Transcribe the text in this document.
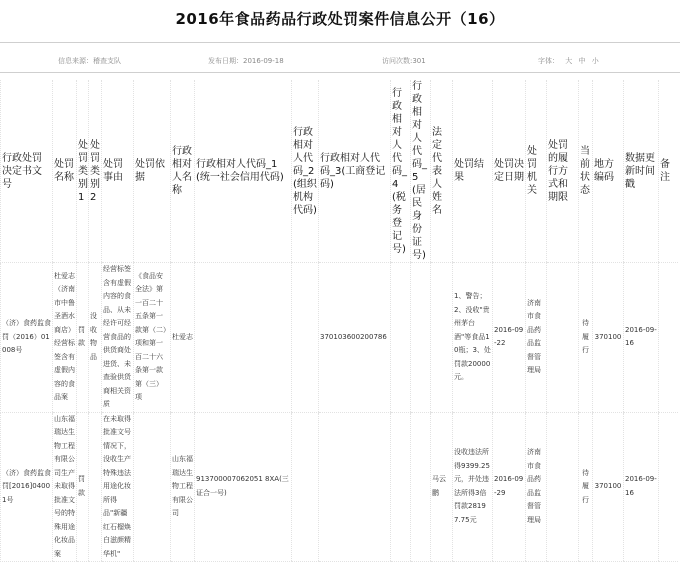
2016年食品药品行政处罚案件信息公开（16）
信息来源：稽查支队	发布日期：2016-09-18	访问次数:301	字体： 大 中 小
行政处罚决定书文号	处罚名称	处罚类别1	处罚类别2	处罚事由	处罚依据	行政相对人名称	行政相对人代码_1(统一社会信用代码)	行政相对人代码_2(组织机构代码)	行政相对人代码_3(工商登记码)	行政相对人代码_4(税务登记号)	行政相对人代码_5(居民身份证号)	法定代表人姓名	处罚结果	处罚决定日期	处罚机关	处罚的履行方式和期限	当前状态	地方编码	数据更新时间戳	备注
（济）食药监食罚（2016）01008号	杜爱志（济南市中鲁圣酒水商店）经营标签含有虚假内容的食品案	罚款	没收物品	经营标签含有虚假内容的食品、从未经许可经营食品的供货商处进货、未查验供货商相关资质	《食品安全法》第一百二十五条第一款第（二）项和第一百二十六条第一款第（三）项	杜爱志			370103600200786				1、警告；2、没收"贵州茅台酒"等食品10瓶；3、处罚款20000元。	2016-09-22	济南市食品药品监督管理局		待履行	370100	2016-09-16	
（济）食药监食罚[2016]04001号	山东福瑞达生物工程有限公司生产未取得批准文号的特殊用途化妆品案	罚款		在未取得批准文号情况下，没收生产特殊违法用途化妆所得品"新疆红石榴焕白滋颜精华机"		山东福瑞达生物工程有限公司	913700007062051 8XA(三证合一号)					马云鹏	没收违法所得9399.25元，并处违法所得3倍罚款28197.75元	2016-09-29	济南市食品药品监督管理局		待履行	370100	2016-09-16	
